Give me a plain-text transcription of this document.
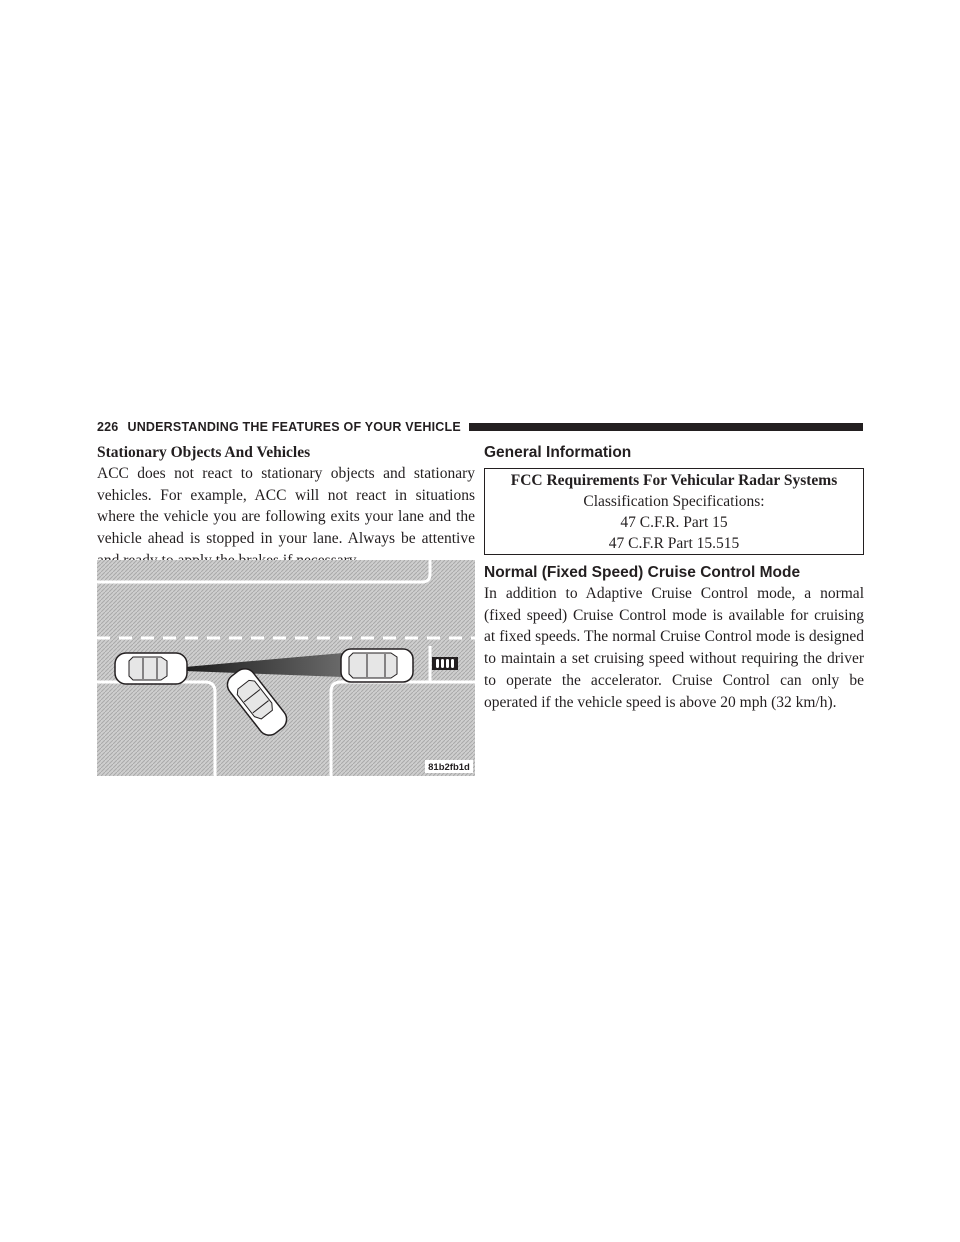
226 UNDERSTANDING THE FEATURES OF YOUR VEHICLE
Stationary Objects And Vehicles

ACC does not react to stationary objects and stationary vehicles. For example, ACC will not react in situations where the vehicle you are following exits your lane and the vehicle ahead is stopped in your lane. Always be attentive

81b2fb1d
General Information
FCC Requirements For Vehicular Radar Systems
Classification Specifications:
47 C.F.R. Part 15
47 C.F.R Part 15.515
Normal (Fixed Speed) Cruise Control Mode

In addition to Adaptive Cruise Control mode, a normal (fixed speed) Cruise Control mode is available for cruising at fixed speeds. The normal Cruise Control mode is designed to maintain a set cruising speed without requiring the driver to operate the accelerator. Cruise Control can only be operated if the vehicle speed is above 20 mph (32 km/h).
